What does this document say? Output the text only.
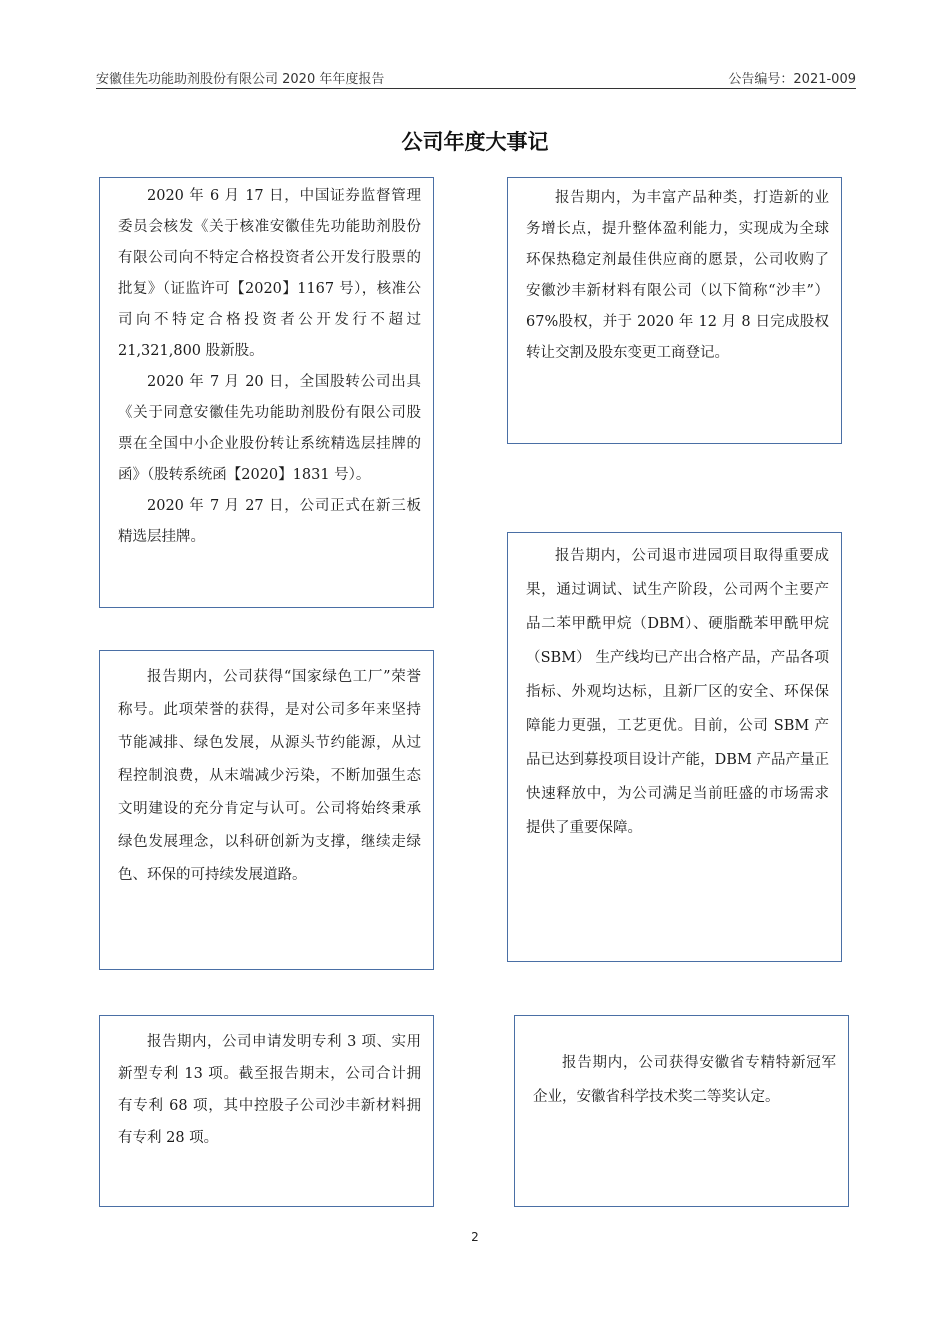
安徽佳先功能助剂股份有限公司 2020 年年度报告	公告编号：2021-009
公司年度大事记

2020 年 6 月 17 日，中国证券监督管理委员会核发《关于核准安徽佳先功能助剂股份有限公司向不特定合格投资者公开发行股票的批复》（证监许可【2020】1167 号），核准公司向不特定合格投资者公开发行不超过 21,321,800 股新股。

2020 年 7 月 20 日，全国股转公司出具《关于同意安徽佳先功能助剂股份有限公司股票在全国中小企业股份转让系统精选层挂牌的函》（股转系统函【2020】1831 号）。

2020 年 7 月 27 日，公司正式在新三板精选层挂牌。

报告期内，为丰富产品种类，打造新的业务增长点，提升整体盈利能力，实现成为全球环保热稳定剂最佳供应商的愿景，公司收购了安徽沙丰新材料有限公司（以下简称“沙丰”）67%股权，并于 2020 年 12 月 8 日完成股权转让交割及股东变更工商登记。

报告期内，公司退市进园项目取得重要成果，通过调试、试生产阶段，公司两个主要产品二苯甲酰甲烷（DBM）、硬脂酰苯甲酰甲烷（SBM） 生产线均已产出合格产品，产品各项指标、外观均达标，且新厂区的安全、环保保障能力更强，工艺更优。目前，公司 SBM 产品已达到募投项目设计产能，DBM 产品产量正快速释放中，为公司满足当前旺盛的市场需求提供了重要保障。

报告期内，公司获得“国家绿色工厂”荣誉称号。此项荣誉的获得，是对公司多年来坚持节能减排、绿色发展，从源头节约能源，从过程控制浪费，从末端减少污染，不断加强生态文明建设的充分肯定与认可。公司将始终秉承绿色发展理念，以科研创新为支撑，继续走绿色、环保的可持续发展道路。

报告期内，公司申请发明专利 3 项、实用新型专利 13 项。截至报告期末，公司合计拥有专利 68 项，其中控股子公司沙丰新材料拥有专利 28 项。

报告期内，公司获得安徽省专精特新冠军企业，安徽省科学技术奖二等奖认定。

2
